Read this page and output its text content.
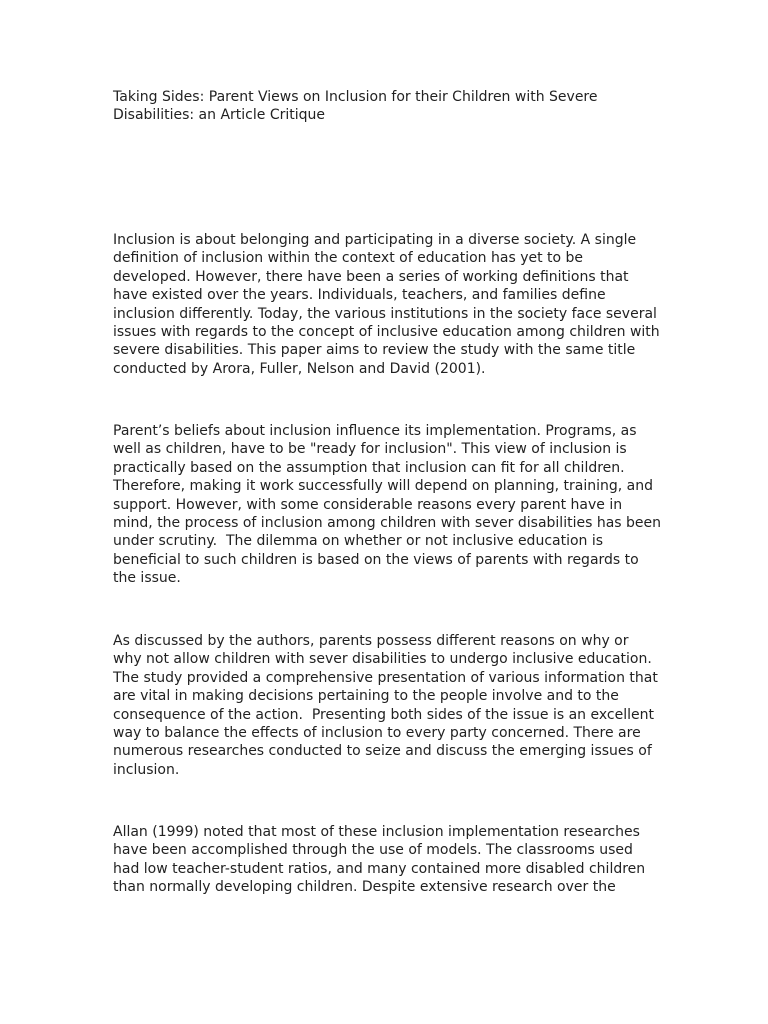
Taking Sides: Parent Views on Inclusion for their Children with Severe
Disabilities: an Article Critique

Inclusion is about belonging and participating in a diverse society. A single
definition of inclusion within the context of education has yet to be
developed. However, there have been a series of working definitions that
have existed over the years. Individuals, teachers, and families define
inclusion differently. Today, the various institutions in the society face several
issues with regards to the concept of inclusive education among children with
severe disabilities. This paper aims to review the study with the same title
conducted by Arora, Fuller, Nelson and David (2001).

Parent’s beliefs about inclusion influence its implementation. Programs, as
well as children, have to be "ready for inclusion". This view of inclusion is
practically based on the assumption that inclusion can fit for all children.
Therefore, making it work successfully will depend on planning, training, and
support. However, with some considerable reasons every parent have in
mind, the process of inclusion among children with sever disabilities has been
under scrutiny.  The dilemma on whether or not inclusive education is
beneficial to such children is based on the views of parents with regards to
the issue.

As discussed by the authors, parents possess different reasons on why or
why not allow children with sever disabilities to undergo inclusive education.
The study provided a comprehensive presentation of various information that
are vital in making decisions pertaining to the people involve and to the
consequence of the action.  Presenting both sides of the issue is an excellent
way to balance the effects of inclusion to every party concerned. There are
numerous researches conducted to seize and discuss the emerging issues of
inclusion.

Allan (1999) noted that most of these inclusion implementation researches
have been accomplished through the use of models. The classrooms used
had low teacher-student ratios, and many contained more disabled children
than normally developing children. Despite extensive research over the
